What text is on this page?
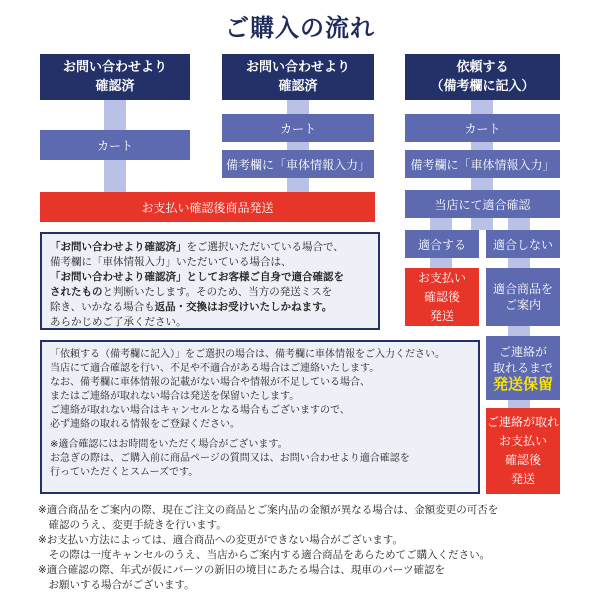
ご購入の流れ
お問い合わせより
確認済
カート
お問い合わせより
確認済
カート
備考欄に「車体情報入力」
依頼する
（備考欄に記入）
カート
備考欄に「車体情報入力」
当店にて適合確認
お支払い確認後商品発送
適合する	適合しない
お支払い
確認後
発送
適合商品を
ご案内
ご連絡が
取れるまで
発送保留
ご連絡が取れ
お支払い
確認後
発送
「お問い合わせより確認済」をご選択いただいている場合で、
備考欄に「車体情報入力」いただいている場合は、
「お問い合わせより確認済」としてお客様ご自身で適合確認を
されたものと判断いたします。そのため、当方の発送ミスを
除き、いかなる場合も返品・交換はお受けいたしかねます。
あらかじめご了承ください。
「依頼する（備考欄に記入）」をご選択の場合は、備考欄に車体情報をご入力ください。
当店にて適合確認を行い、不足や不適合がある場合はご連絡いたします。
なお、備考欄に車体情報の記載がない場合や情報が不足している場合、
またはご連絡が取れない場合は発送を保留いたします。
ご連絡が取れない場合はキャンセルとなる場合もございますので、
必ず連絡の取れる情報をご登録ください。
※適合確認にはお時間をいただく場合がございます。
お急ぎの際は、ご購入前に商品ページの質問又は、お問い合わせより適合確認を
行っていただくとスムーズです。
※適合商品をご案内の際、現在ご注文の商品とご案内品の金額が異なる場合は、金額変更の可否を
　確認のうえ、変更手続きを行います。
※お支払い方法によっては、適合商品への変更ができない場合がございます。
　その際は一度キャンセルのうえ、当店からご案内する適合商品をあらためてご購入ください。
※適合確認の際、年式が仮にパーツの新旧の境目にあたる場合は、現車のパーツ確認を
　お願いする場合がございます。
